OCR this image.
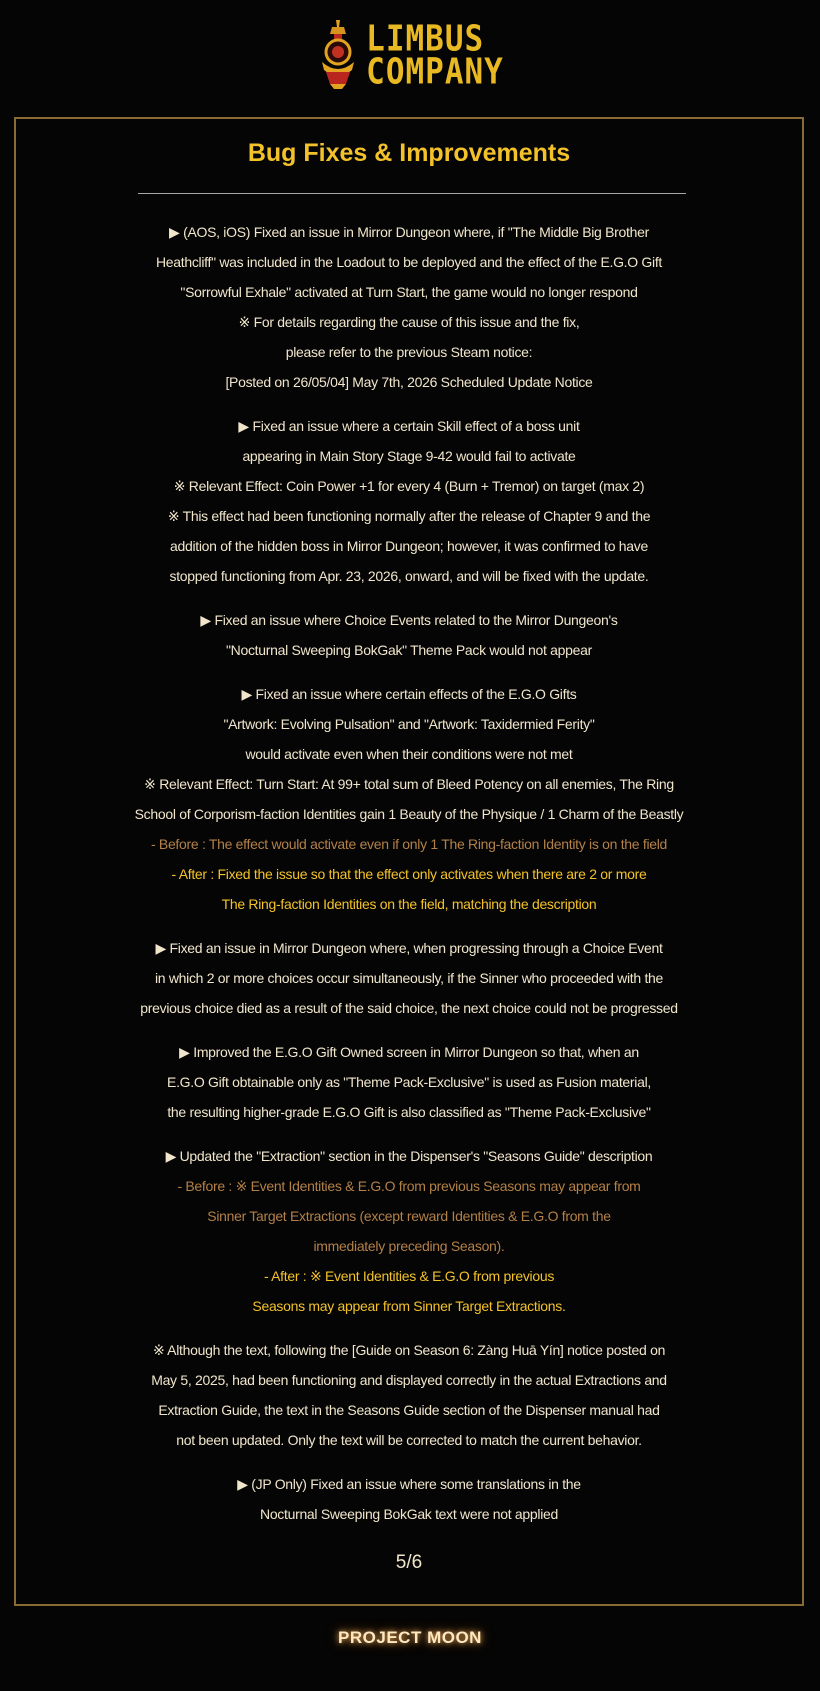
LIMBUS
COMPANY
Bug Fixes & Improvements
▶ (AOS, iOS) Fixed an issue in Mirror Dungeon where, if "The Middle Big Brother
Heathcliff" was included in the Loadout to be deployed and the effect of the E.G.O Gift
"Sorrowful Exhale" activated at Turn Start, the game would no longer respond
※ For details regarding the cause of this issue and the fix,
please refer to the previous Steam notice:
[Posted on 26/05/04] May 7th, 2026 Scheduled Update Notice
▶ Fixed an issue where a certain Skill effect of a boss unit
appearing in Main Story Stage 9-42 would fail to activate
※ Relevant Effect: Coin Power +1 for every 4 (Burn + Tremor) on target (max 2)
※ This effect had been functioning normally after the release of Chapter 9 and the
addition of the hidden boss in Mirror Dungeon; however, it was confirmed to have
stopped functioning from Apr. 23, 2026, onward, and will be fixed with the update.
▶ Fixed an issue where Choice Events related to the Mirror Dungeon's
"Nocturnal Sweeping BokGak" Theme Pack would not appear
▶ Fixed an issue where certain effects of the E.G.O Gifts
"Artwork: Evolving Pulsation" and "Artwork: Taxidermied Ferity"
would activate even when their conditions were not met
※ Relevant Effect: Turn Start: At 99+ total sum of Bleed Potency on all enemies, The Ring
School of Corporism-faction Identities gain 1 Beauty of the Physique / 1 Charm of the Beastly
- Before : The effect would activate even if only 1 The Ring-faction Identity is on the field
- After : Fixed the issue so that the effect only activates when there are 2 or more
The Ring-faction Identities on the field, matching the description
▶ Fixed an issue in Mirror Dungeon where, when progressing through a Choice Event
in which 2 or more choices occur simultaneously, if the Sinner who proceeded with the
previous choice died as a result of the said choice, the next choice could not be progressed
▶ Improved the E.G.O Gift Owned screen in Mirror Dungeon so that, when an
E.G.O Gift obtainable only as "Theme Pack-Exclusive" is used as Fusion material,
the resulting higher-grade E.G.O Gift is also classified as "Theme Pack-Exclusive"
▶ Updated the "Extraction" section in the Dispenser's "Seasons Guide" description
- Before : ※ Event Identities & E.G.O from previous Seasons may appear from
Sinner Target Extractions (except reward Identities & E.G.O from the
immediately preceding Season).
- After : ※ Event Identities & E.G.O from previous
Seasons may appear from Sinner Target Extractions.
※ Although the text, following the [Guide on Season 6: Zàng Huā Yín] notice posted on
May 5, 2025, had been functioning and displayed correctly in the actual Extractions and
Extraction Guide, the text in the Seasons Guide section of the Dispenser manual had
not been updated. Only the text will be corrected to match the current behavior.
▶ (JP Only) Fixed an issue where some translations in the
Nocturnal Sweeping BokGak text were not applied
5/6
PROJECT MOON
